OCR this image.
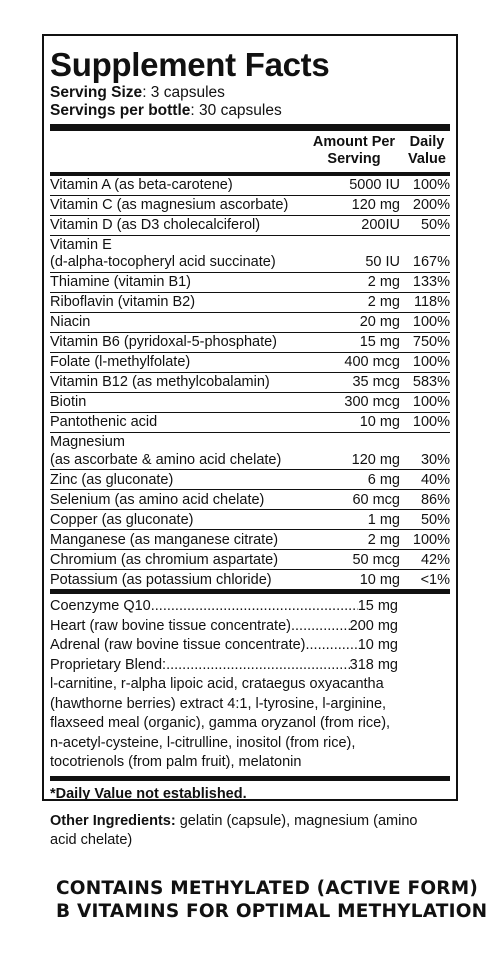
Supplement Facts
Serving Size: 3 capsules
Servings per bottle: 30 capsules
Amount Per
Serving
Daily
Value
Vitamin A (as beta-carotene)	5000 IU 100%
Vitamin C (as magnesium ascorbate)	120 mg 200%
Vitamin D (as D3 cholecalciferol)	200IU	50%
Vitamin E
(d-alpha-tocopheryl acid succinate)	50 IU 167%
Thiamine (vitamin B1)	2 mg 133%
Riboflavin (vitamin B2)	2 mg 118%
Niacin	20 mg 100%
Vitamin B6 (pyridoxal-5-phosphate)	15 mg 750%
Folate (l-methylfolate)	400 mcg 100%
Vitamin B12 (as methylcobalamin)	35 mcg 583%
Biotin	300 mcg 100%
Pantothenic acid	10 mg 100%
Magnesium
(as ascorbate & amino acid chelate)	120 mg	30%
Zinc (as gluconate)	6 mg	40%
Selenium (as amino acid chelate)	60 mcg	86%
Copper (as gluconate)	1 mg	50%
Manganese (as manganese citrate)	2 mg 100%
Chromium (as chromium aspartate)	50 mcg	42%
Potassium (as potassium chloride)	10 mg	<1%
Coenzyme Q10 .....	15 mg
Heart (raw bovine tissue concentrate) .....	200 mg
Adrenal (raw bovine tissue concentrate) .....	10 mg
Proprietary Blend: .....	318 mg
l-carnitine, r-alpha lipoic acid, crataegus oxyacantha
(hawthorne berries) extract 4:1, l-tyrosine, l-arginine,
flaxseed meal (organic), gamma oryzanol (from rice),
n-acetyl-cysteine, l-citrulline, inositol (from rice),
tocotrienols (from palm fruit), melatonin
*Daily Value not established.
Other Ingredients: gelatin (capsule), magnesium (amino
acid chelate)
CONTAINS METHYLATED (ACTIVE FORM)
B VITAMINS FOR OPTIMAL METHYLATION
